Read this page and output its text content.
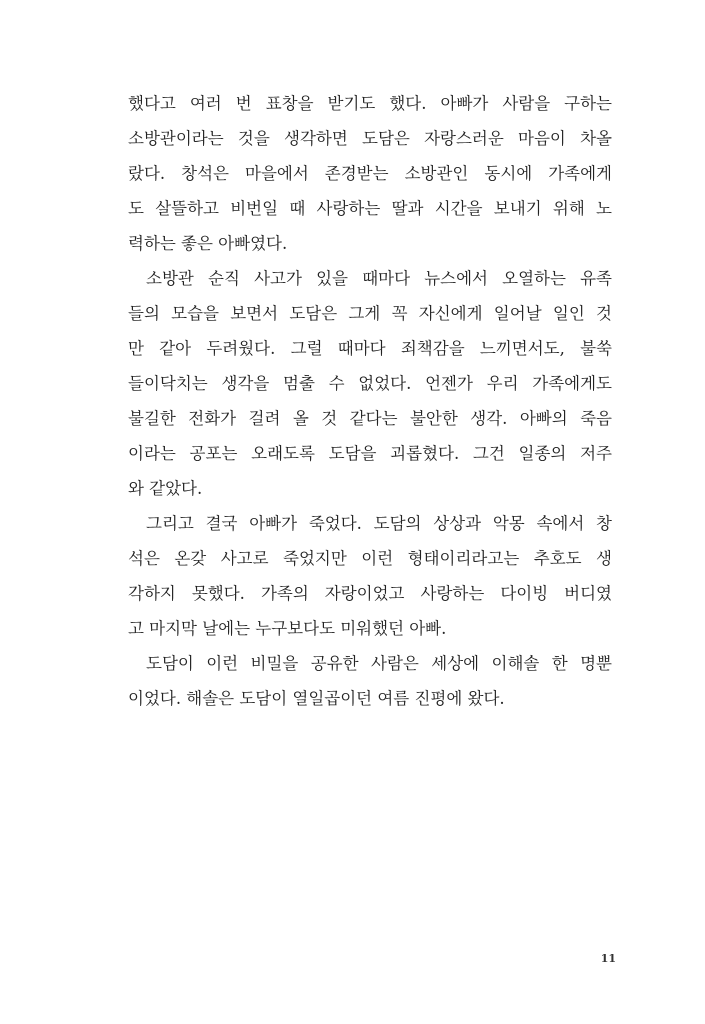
했다고 여러 번 표창을 받기도 했다. 아빠가 사람을 구하는
소방관이라는 것을 생각하면 도담은 자랑스러운 마음이 차올
랐다. 창석은 마을에서 존경받는 소방관인 동시에 가족에게
도 살뜰하고 비번일 때 사랑하는 딸과 시간을 보내기 위해 노
력하는 좋은 아빠였다.
소방관 순직 사고가 있을 때마다 뉴스에서 오열하는 유족
들의 모습을 보면서 도담은 그게 꼭 자신에게 일어날 일인 것
만 같아 두려웠다. 그럴 때마다 죄책감을 느끼면서도, 불쑥
들이닥치는 생각을 멈출 수 없었다. 언젠가 우리 가족에게도
불길한 전화가 걸려 올 것 같다는 불안한 생각. 아빠의 죽음
이라는 공포는 오래도록 도담을 괴롭혔다. 그건 일종의 저주
와 같았다.
그리고 결국 아빠가 죽었다. 도담의 상상과 악몽 속에서 창
석은 온갖 사고로 죽었지만 이런 형태이리라고는 추호도 생
각하지 못했다. 가족의 자랑이었고 사랑하는 다이빙 버디였
고 마지막 날에는 누구보다도 미워했던 아빠.
도담이 이런 비밀을 공유한 사람은 세상에 이해솔 한 명뿐
이었다. 해솔은 도담이 열일곱이던 여름 진평에 왔다.
11
